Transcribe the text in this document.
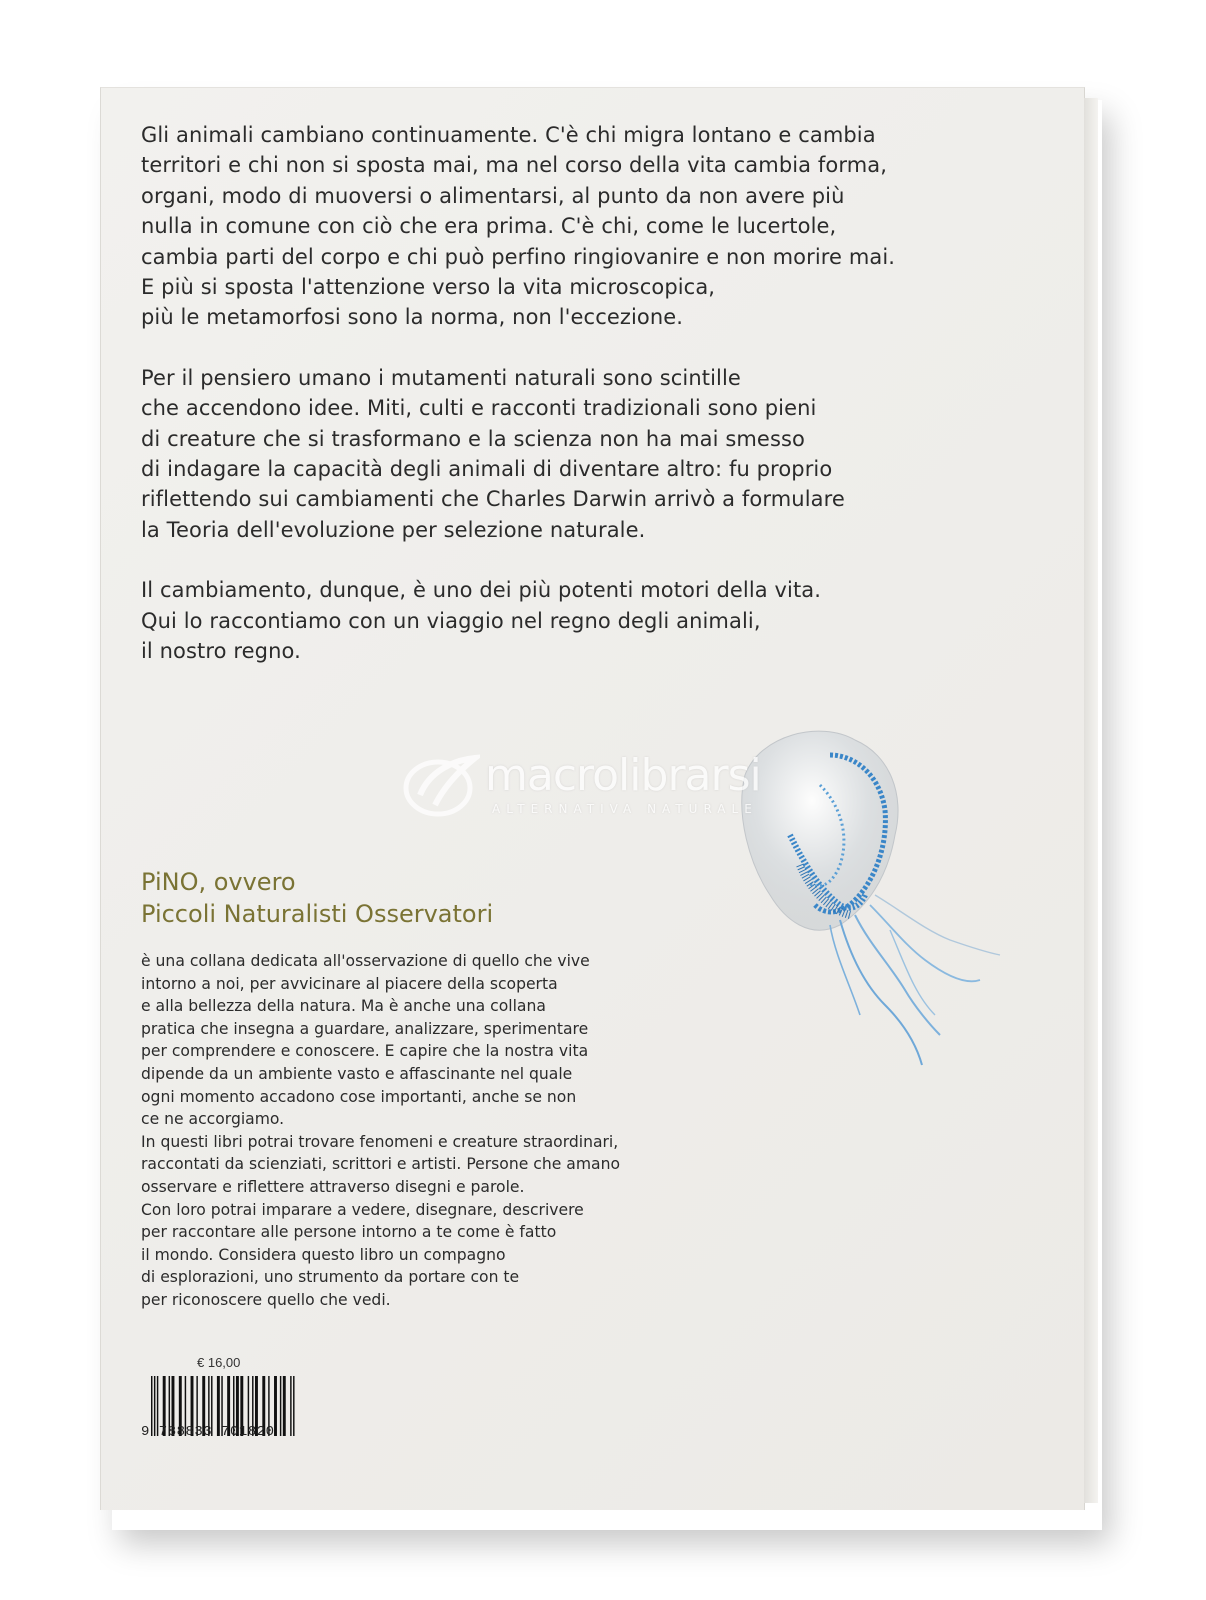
Gli animali cambiano continuamente. C'è chi migra lontano e cambia
territori e chi non si sposta mai, ma nel corso della vita cambia forma,
organi, modo di muoversi o alimentarsi, al punto da non avere più
nulla in comune con ciò che era prima. C'è chi, come le lucertole,
cambia parti del corpo e chi può perfino ringiovanire e non morire mai.
E più si sposta l'attenzione verso la vita microscopica,
più le metamorfosi sono la norma, non l'eccezione.
Per il pensiero umano i mutamenti naturali sono scintille
che accendono idee. Miti, culti e racconti tradizionali sono pieni
di creature che si trasformano e la scienza non ha mai smesso
di indagare la capacità degli animali di diventare altro: fu proprio
riflettendo sui cambiamenti che Charles Darwin arrivò a formulare
la Teoria dell'evoluzione per selezione naturale.
Il cambiamento, dunque, è uno dei più potenti motori della vita.
Qui lo raccontiamo con un viaggio nel regno degli animali,
il nostro regno.
macrolibrarsi
ALTERNATIVA NATURALE
PiNO, ovvero
Piccoli Naturalisti Osservatori
è una collana dedicata all'osservazione di quello che vive
intorno a noi, per avvicinare al piacere della scoperta
e alla bellezza della natura. Ma è anche una collana
pratica che insegna a guardare, analizzare, sperimentare
per comprendere e conoscere. E capire che la nostra vita
dipende da un ambiente vasto e affascinante nel quale
ogni momento accadono cose importanti, anche se non
ce ne accorgiamo.
In questi libri potrai trovare fenomeni e creature straordinari,
raccontati da scienziati, scrittori e artisti. Persone che amano
osservare e riflettere attraverso disegni e parole.
Con loro potrai imparare a vedere, disegnare, descrivere
per raccontare alle persone intorno a te come è fatto
il mondo. Considera questo libro un compagno
di esplorazioni, uno strumento da portare con te
per riconoscere quello che vedi.
€ 16,00
9 788833 701820
